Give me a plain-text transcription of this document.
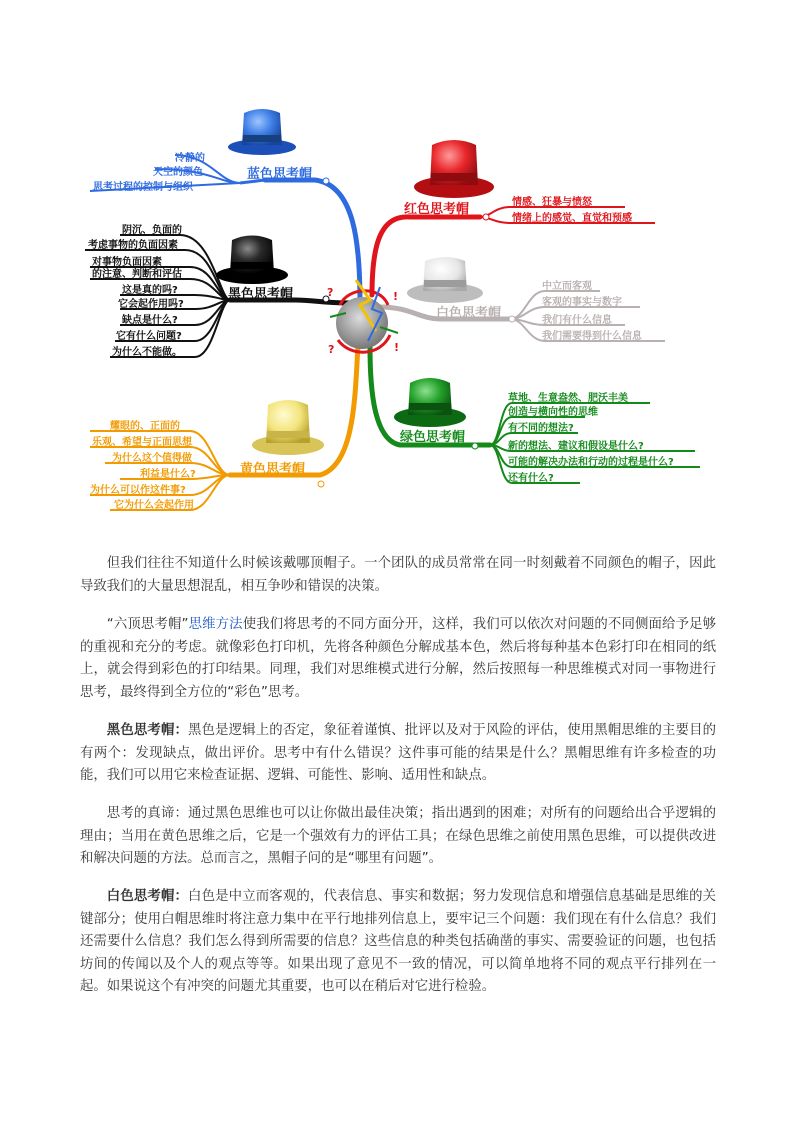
蓝色思考帽
冷静的
天空的颜色
思考过程的控制与组织
黑色思考帽
阴沉、负面的
考虑事物的负面因素
对事物负面因素
的注意、判断和评估
这是真的吗?
它会起作用吗?
缺点是什么?
它有什么问题?
为什么不能做。
黄色思考帽
耀眼的、正面的
乐观、希望与正面思想
为什么这个值得做
利益是什么?
为什么可以作这件事?
它为什么会起作用
红色思考帽	情感、狂暴与愤怒
情绪上的感觉、直觉和预感
白色思考帽
中立而客观
客观的事实与数字
我们有什么信息
我们需要得到什么信息
绿色思考帽
草地、生意盎然、肥沃丰美
创造与横向性的思维
有不同的想法?
新的想法、建议和假设是什么?
可能的解决办法和行动的过程是什么?
还有什么?
?	!
?	!

但我们往往不知道什么时候该戴哪顶帽子。一个团队的成员常常在同一时刻戴着不同颜色的帽子，因此导致我们的大量思想混乱，相互争吵和错误的决策。

“六顶思考帽”思维方法使我们将思考的不同方面分开，这样，我们可以依次对问题的不同侧面给予足够的重视和充分的考虑。就像彩色打印机，先将各种颜色分解成基本色，然后将每种基本色彩打印在相同的纸上，就会得到彩色的打印结果。同理，我们对思维模式进行分解，然后按照每一种思维模式对同一事物进行思考，最终得到全方位的“彩色”思考。

黑色思考帽：黑色是逻辑上的否定，象征着谨慎、批评以及对于风险的评估，使用黑帽思维的主要目的有两个：发现缺点，做出评价。思考中有什么错误？这件事可能的结果是什么？黑帽思维有许多检查的功能，我们可以用它来检查证据、逻辑、可能性、影响、适用性和缺点。

思考的真谛：通过黑色思维也可以让你做出最佳决策；指出遇到的困难；对所有的问题给出合乎逻辑的理由；当用在黄色思维之后，它是一个强效有力的评估工具；在绿色思维之前使用黑色思维，可以提供改进和解决问题的方法。总而言之，黑帽子问的是“哪里有问题”。

白色思考帽：白色是中立而客观的，代表信息、事实和数据；努力发现信息和增强信息基础是思维的关键部分；使用白帽思维时将注意力集中在平行地排列信息上，要牢记三个问题：我们现在有什么信息？我们还需要什么信息？我们怎么得到所需要的信息？这些信息的种类包括确凿的事实、需要验证的问题，也包括坊间的传闻以及个人的观点等等。如果出现了意见不一致的情况，可以简单地将不同的观点平行排列在一起。如果说这个有冲突的问题尤其重要，也可以在稍后对它进行检验。
